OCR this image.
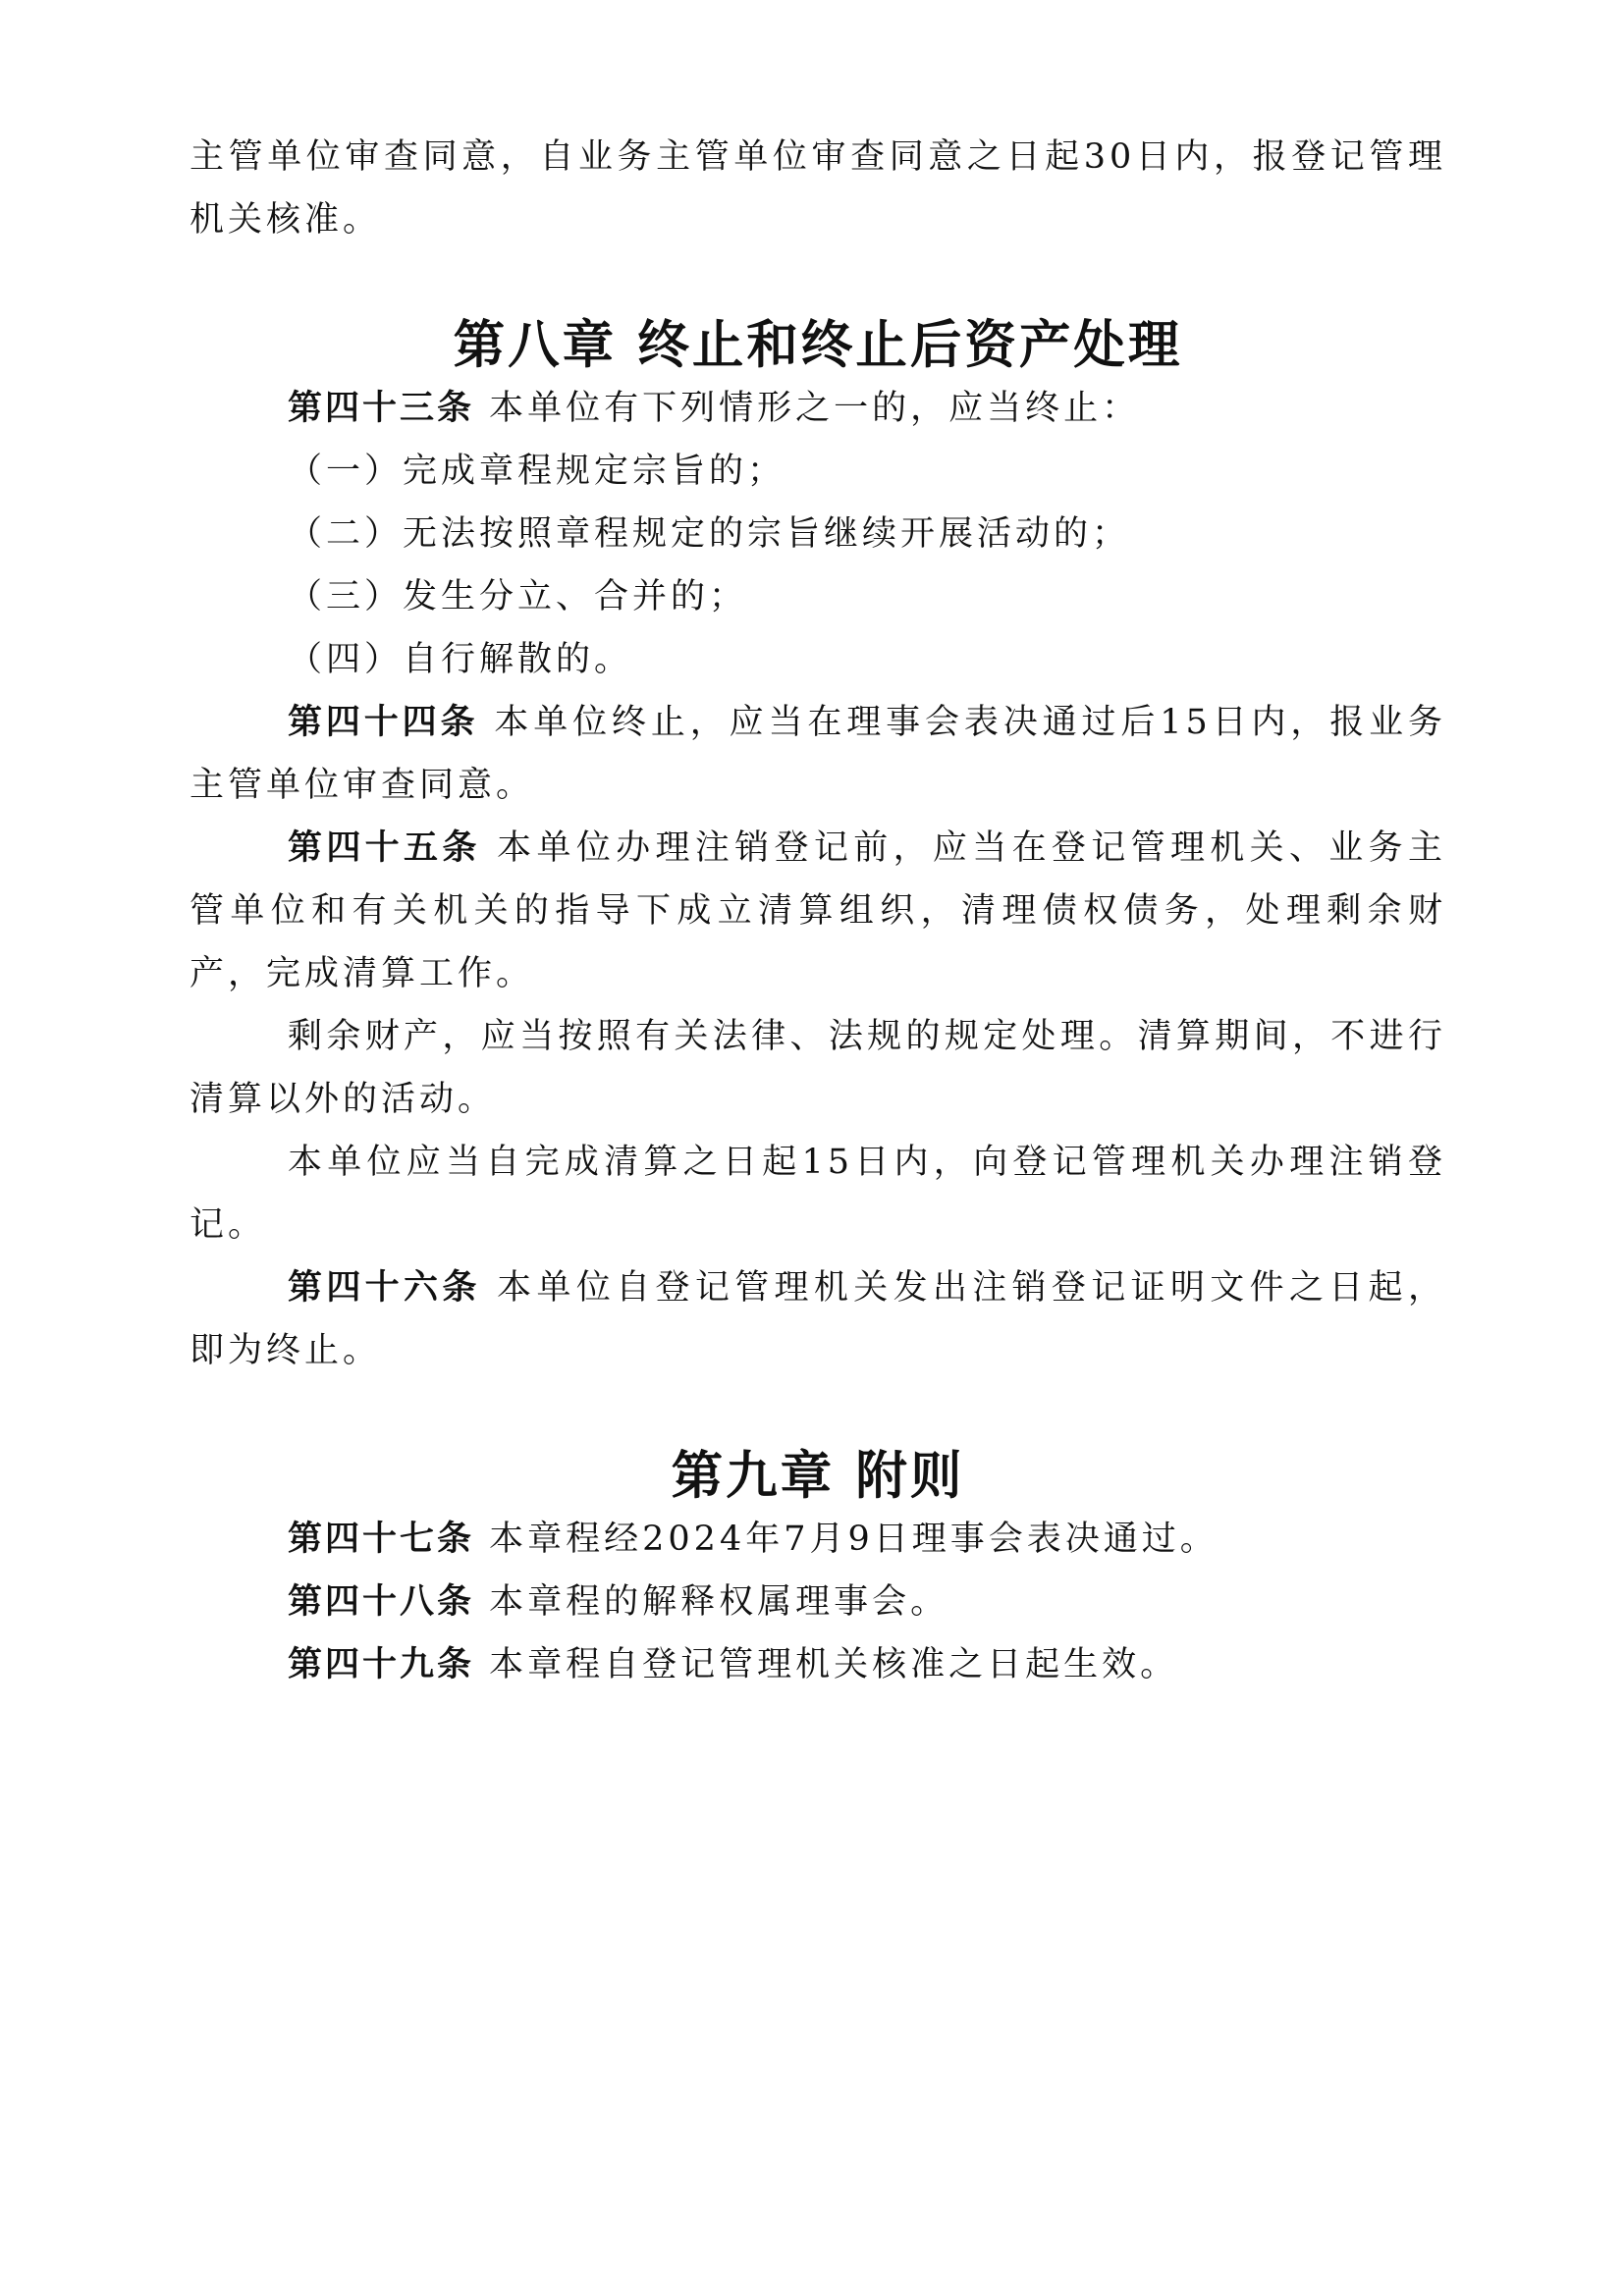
主管单位审查同意，自业务主管单位审查同意之日起30日内，报登记管理机关核准。

第八章 终止和终止后资产处理

第四十三条 本单位有下列情形之一的，应当终止：

（一）完成章程规定宗旨的；

（二）无法按照章程规定的宗旨继续开展活动的；

（三）发生分立、合并的；

（四）自行解散的。

第四十四条 本单位终止，应当在理事会表决通过后15日内，报业务主管单位审查同意。

第四十五条 本单位办理注销登记前，应当在登记管理机关、业务主管单位和有关机关的指导下成立清算组织，清理债权债务，处理剩余财产，完成清算工作。

剩余财产，应当按照有关法律、法规的规定处理。清算期间，不进行清算以外的活动。

本单位应当自完成清算之日起15日内，向登记管理机关办理注销登记。

第四十六条 本单位自登记管理机关发出注销登记证明文件之日起，即为终止。

第九章 附则

第四十七条 本章程经2024年7月9日理事会表决通过。

第四十八条 本章程的解释权属理事会。

第四十九条 本章程自登记管理机关核准之日起生效。
